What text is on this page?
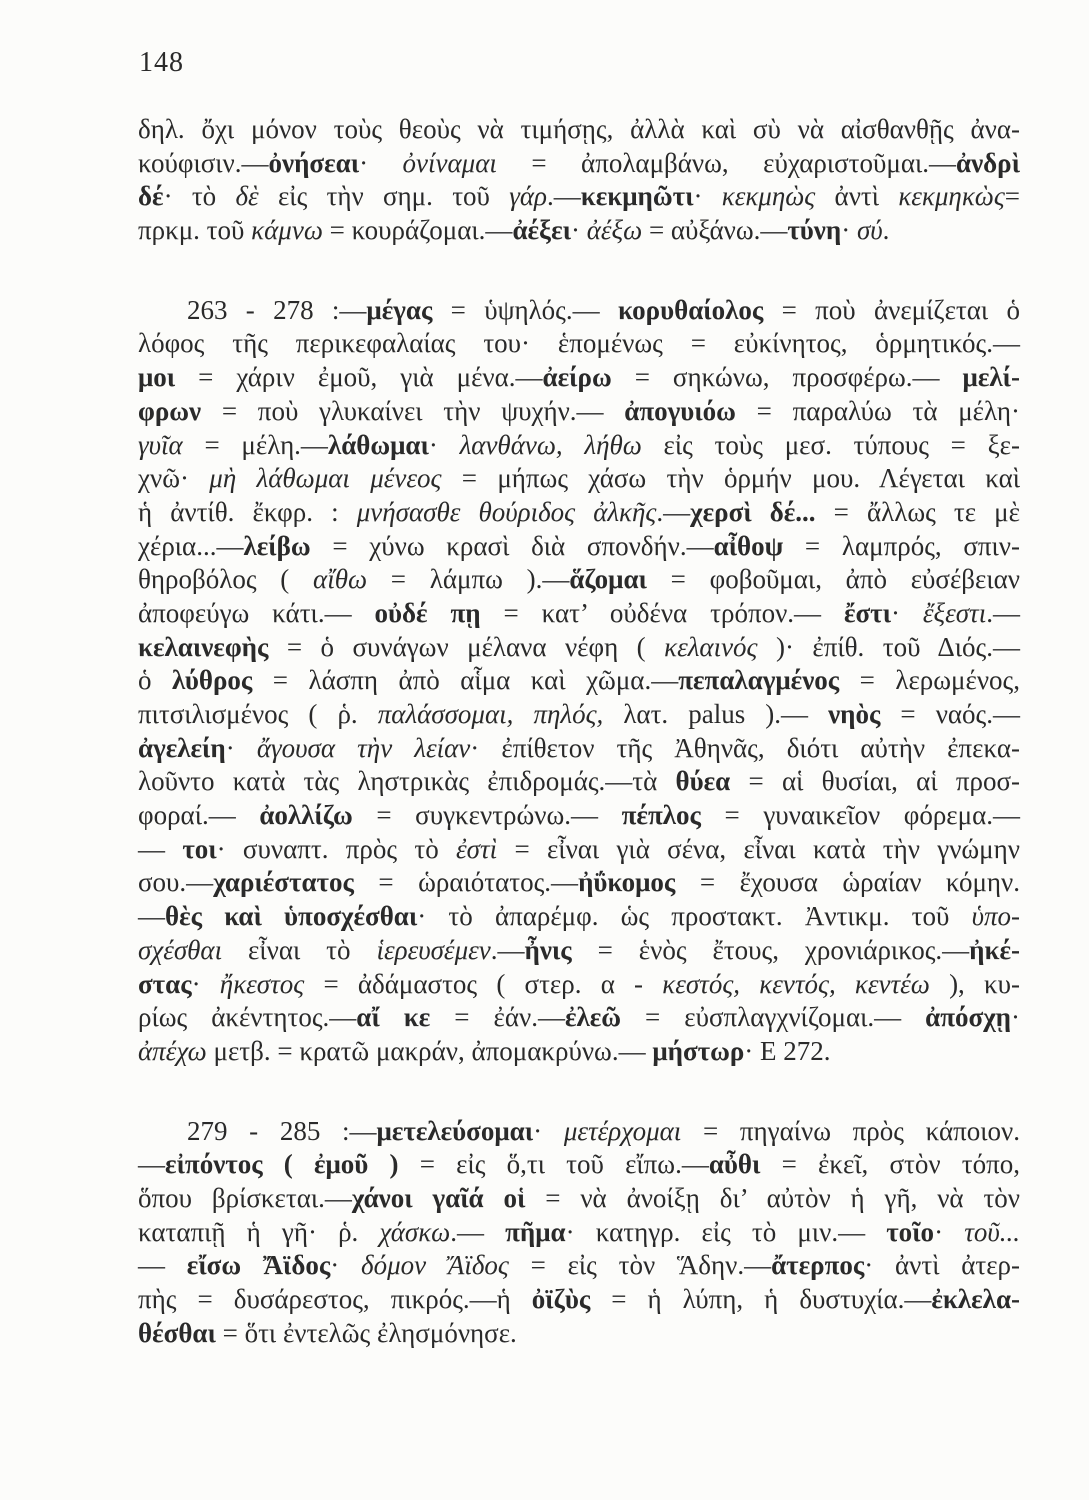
148
δηλ. ὄχι μόνον τοὺς θεοὺς νὰ τιμήσῃς, ἀλλὰ καὶ σὺ νὰ αἰσθανθῇς ἀνα-
κούφισιν.—ὀνήσεαι· ὀνίναμαι = ἀπολαμβάνω, εὐχαριστοῦμαι.—ἀνδρὶ
δέ· τὸ δὲ εἰς τὴν σημ. τοῦ γάρ.—κεκμηῶτι· κεκμηὼς ἀντὶ κεκμηκὼς=
πρκμ. τοῦ κάμνω = κουράζομαι.—ἀέξει· ἀέξω = αὐξάνω.—τύνη· σύ.
263 - 278 :—μέγας = ὑψηλός.— κορυθαίολος = ποὺ ἀνεμίζεται ὁ
λόφος τῆς περικεφαλαίας του· ἑπομένως = εὐκίνητος, ὁρμητικός.—
μοι = χάριν ἐμοῦ, γιὰ μένα.—ἀείρω = σηκώνω, προσφέρω.— μελί-
φρων = ποὺ γλυκαίνει τὴν ψυχήν.— ἀπογυιόω = παραλύω τὰ μέλη·
γυῖα = μέλη.—λάθωμαι· λανθάνω, λήθω εἰς τοὺς μεσ. τύπους = ξε-
χνῶ· μὴ λάθωμαι μένεος = μήπως χάσω τὴν ὁρμήν μου. Λέγεται καὶ
ἡ ἀντίθ. ἔκφρ. : μνήσασθε θούριδος ἀλκῆς.—χερσὶ δέ... = ἄλλως τε μὲ
χέρια...—λείβω = χύνω κρασὶ διὰ σπονδήν.—αἶθοψ = λαμπρός, σπιν-
θηροβόλος ( αἴθω = λάμπω ).—ἅζομαι = φοβοῦμαι, ἀπὸ εὐσέβειαν
ἀποφεύγω κάτι.— οὐδέ πῃ = κατ’ οὐδένα τρόπον.— ἔστι· ἔξεστι.—
κελαινεφὴς = ὁ συνάγων μέλανα νέφη ( κελαινός )· ἐπίθ. τοῦ Διός.—
ὁ λύθρος = λάσπη ἀπὸ αἷμα καὶ χῶμα.—πεπαλαγμένος = λερωμένος,
πιτσιλισμένος ( ῥ. παλάσσομαι, πηλός, λατ. palus ).— νηὸς = ναός.—
ἀγελείη· ἄγουσα τὴν λείαν· ἐπίθετον τῆς Ἀθηνᾶς, διότι αὐτὴν ἐπεκα-
λοῦντο κατὰ τὰς ληστρικὰς ἐπιδρομάς.—τὰ θύεα = αἱ θυσίαι, αἱ προσ-
φοραί.— ἀολλίζω = συγκεντρώνω.— πέπλος = γυναικεῖον φόρεμα.—
— τοι· συναπτ. πρὸς τὸ ἐστὶ = εἶναι γιὰ σένα, εἶναι κατὰ τὴν γνώμην
σου.—χαριέστατος = ὡραιότατος.—ἠΰκομος = ἔχουσα ὡραίαν κόμην.
—θὲς καὶ ὑποσχέσθαι· τὸ ἀπαρέμφ. ὡς προστακτ. Ἀντικμ. τοῦ ὑπο-
σχέσθαι εἶναι τὸ ἱερευσέμεν.—ἦνις = ἑνὸς ἔτους, χρονιάρικος.—ἠκέ-
στας· ἤκεστος = ἀδάμαστος ( στερ. α - κεστός, κεντός, κεντέω ), κυ-
ρίως ἀκέντητος.—αἴ κε = ἐάν.—ἐλεῶ = εὐσπλαγχνίζομαι.— ἀπόσχῃ·
ἀπέχω μετβ. = κρατῶ μακράν, ἀπομακρύνω.— μήστωρ· Ε 272.
279 - 285 :—μετελεύσομαι· μετέρχομαι = πηγαίνω πρὸς κάποιον.
—εἰπόντος ( ἐμοῦ ) = εἰς ὅ,τι τοῦ εἴπω.—αὖθι = ἐκεῖ, στὸν τόπο,
ὅπου βρίσκεται.—χάνοι γαῖά οἱ = νὰ ἀνοίξῃ δι’ αὐτὸν ἡ γῆ, νὰ τὸν
καταπιῇ ἡ γῆ· ῥ. χάσκω.— πῆμα· κατηγρ. εἰς τὸ μιν.— τοῖο· τοῦ...
— εἴσω Ἄϊδος· δόμον Ἄϊδος = εἰς τὸν Ἅδην.—ἄτερπος· ἀντὶ ἀτερ-
πὴς = δυσάρεστος, πικρός.—ἡ ὀϊζὺς = ἡ λύπη, ἡ δυστυχία.—ἐκλελα-
θέσθαι = ὅτι ἐντελῶς ἐλησμόνησε.
